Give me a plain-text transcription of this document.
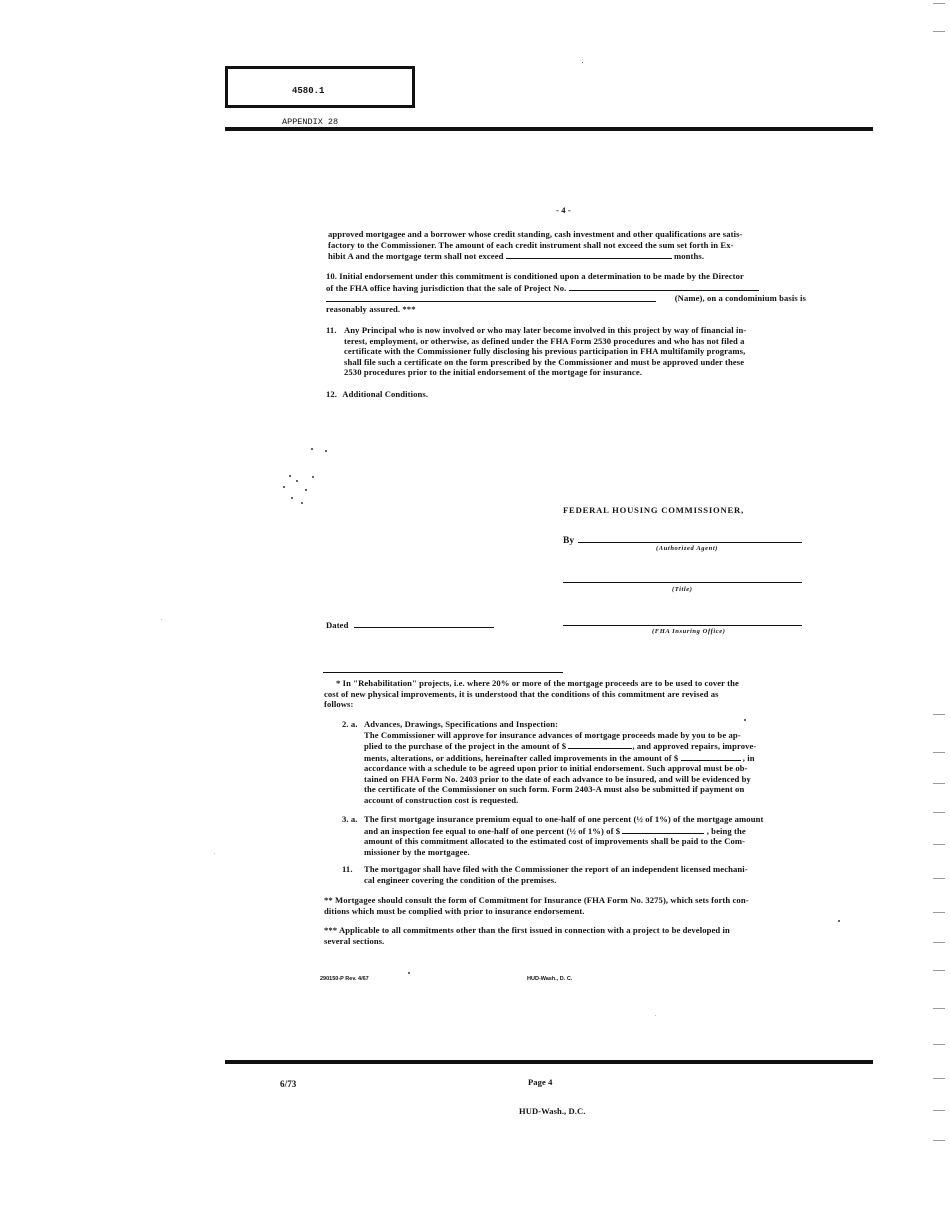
4580.1
APPENDIX 28
- 4 -
approved mortgagee and a borrower whose credit standing, cash investment and other qualifications are satis-
factory to the Commissioner. The amount of each credit instrument shall not exceed the sum set forth in Ex-
hibit A and the mortgage term shall not exceed	months.
10. Initial endorsement under this commitment is conditioned upon a determination to be made by the Director
of the FHA office having jurisdiction that the sale of Project No.
(Name), on a condominium basis is
reasonably assured. ***
11. Any Principal who is now involved or who may later become involved in this project by way of financial in-
terest, employment, or otherwise, as defined under the FHA Form 2530 procedures and who has not filed a
certificate with the Commissioner fully disclosing his previous participation in FHA multifamily programs,
shall file such a certificate on the form prescribed by the Commissioner and must be approved under these
2530 procedures prior to the initial endorsement of the mortgage for insurance.
12. Additional Conditions.
FEDERAL HOUSING COMMISSIONER,
By
(Authorized Agent)
(Title)
Dated
(FHA Insuring Office)
* In "Rehabilitation" projects, i.e. where 20% or more of the mortgage proceeds are to be used to cover the
cost of new physical improvements, it is understood that the conditions of this commitment are revised as
follows:
2. a. Advances, Drawings, Specifications and Inspection:
The Commissioner will approve for insurance advances of mortgage proceeds made by you to be ap-
plied to the purchase of the project in the amount of $	, and approved repairs, improve-
ments, alterations, or additions, hereinafter called improvements in the amount of $	, in
accordance with a schedule to be agreed upon prior to initial endorsement. Such approval must be ob-
tained on FHA Form No. 2403 prior to the date of each advance to be insured, and will be evidenced by
the certificate of the Commissioner on such form. Form 2403-A must also be submitted if payment on
account of construction cost is requested.
3. a. The first mortgage insurance premium equal to one-half of one percent (½ of 1%) of the mortgage amount
and an inspection fee equal to one-half of one percent (½ of 1%) of $	, being the
amount of this commitment allocated to the estimated cost of improvements shall be paid to the Com-
missioner by the mortgagee.
11. The mortgagor shall have filed with the Commissioner the report of an independent licensed mechani-
cal engineer covering the condition of the premises.
** Mortgagee should consult the form of Commitment for Insurance (FHA Form No. 3275), which sets forth con-
ditions which must be complied with prior to insurance endorsement.
*** Applicable to all commitments other than the first issued in connection with a project to be developed in
several sections.
290150-P Rev. 4/67	HUD-Wash., D. C.
6/73	Page 4
HUD-Wash., D.C.
